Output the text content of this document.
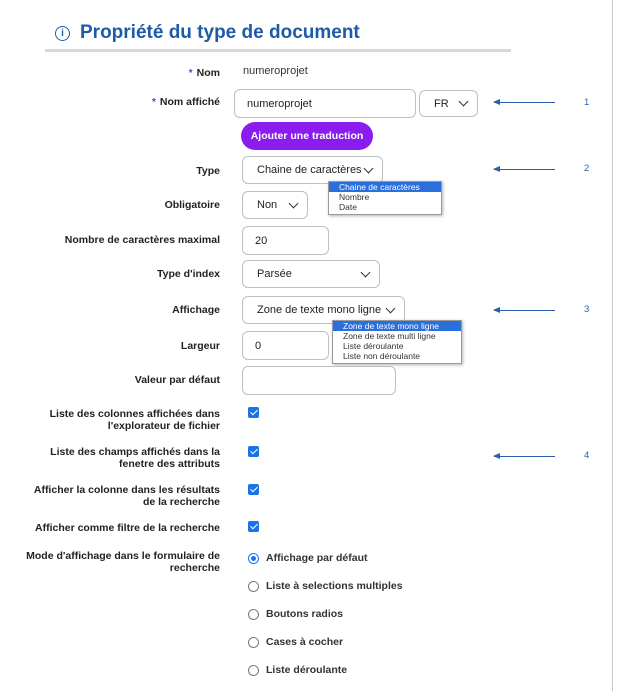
i Propriété du type de document
* Nom numeroprojet
* Nom affiché numeroprojet	FR
Ajouter une traduction
Type	Chaine de caractères
Chaine de caractères
Nombre
Date
Obligatoire	Non
Nombre de caractères maximal	20
Type d'index	Parsée
Affichage	Zone de texte mono ligne
Zone de texte mono ligne
Zone de texte multi ligne
Liste déroulante
Liste non déroulante
Largeur	0
Valeur par défaut
Liste des colonnes affichées dans
l'explorateur de fichier
Liste des champs affichés dans la
fenetre des attributs
Afficher la colonne dans les résultats
de la recherche
Afficher comme filtre de la recherche
Mode d'affichage dans le formulaire de
recherche
Affichage par défaut
Liste à selections multiples
Boutons radios
Cases à cocher
Liste déroulante
1
2
3
4
